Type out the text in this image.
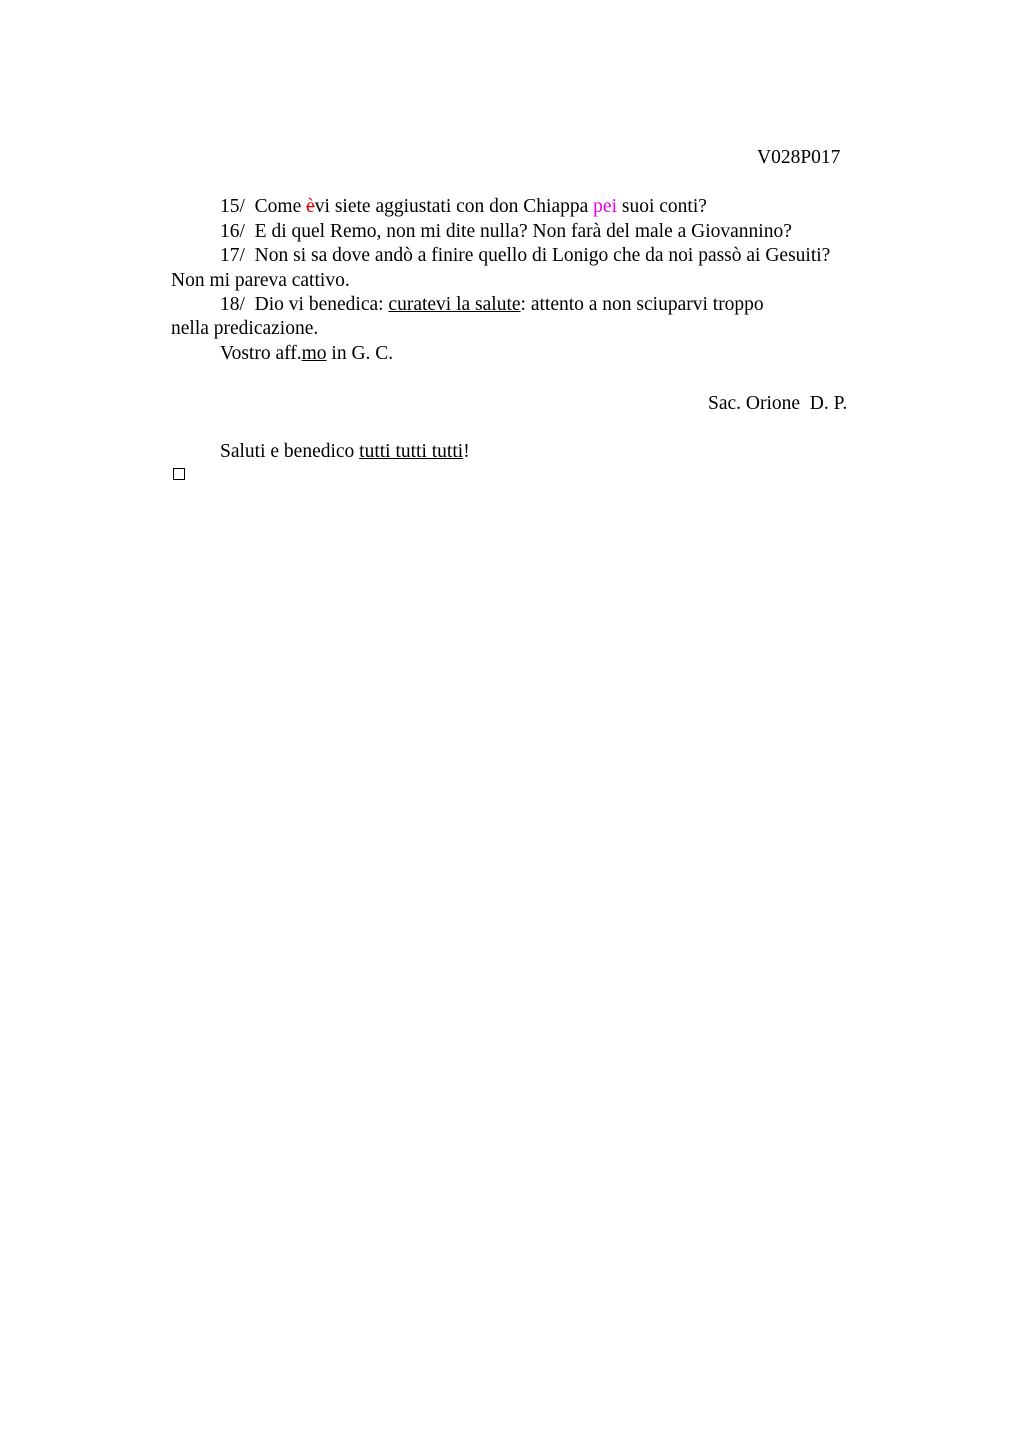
V028P017
15/ Come èvi siete aggiustati con don Chiappa pei suoi conti?
16/ E di quel Remo, non mi dite nulla? Non farà del male a Giovannino?
17/ Non si sa dove andò a finire quello di Lonigo che da noi passò ai Gesuiti?
Non mi pareva cattivo.
18/ Dio vi benedica: curatevi la salute: attento a non sciuparvi troppo
nella predicazione.
Vostro aff.mo in G. C.
Sac. Orione  D. P.
Saluti e benedico tutti tutti tutti!
